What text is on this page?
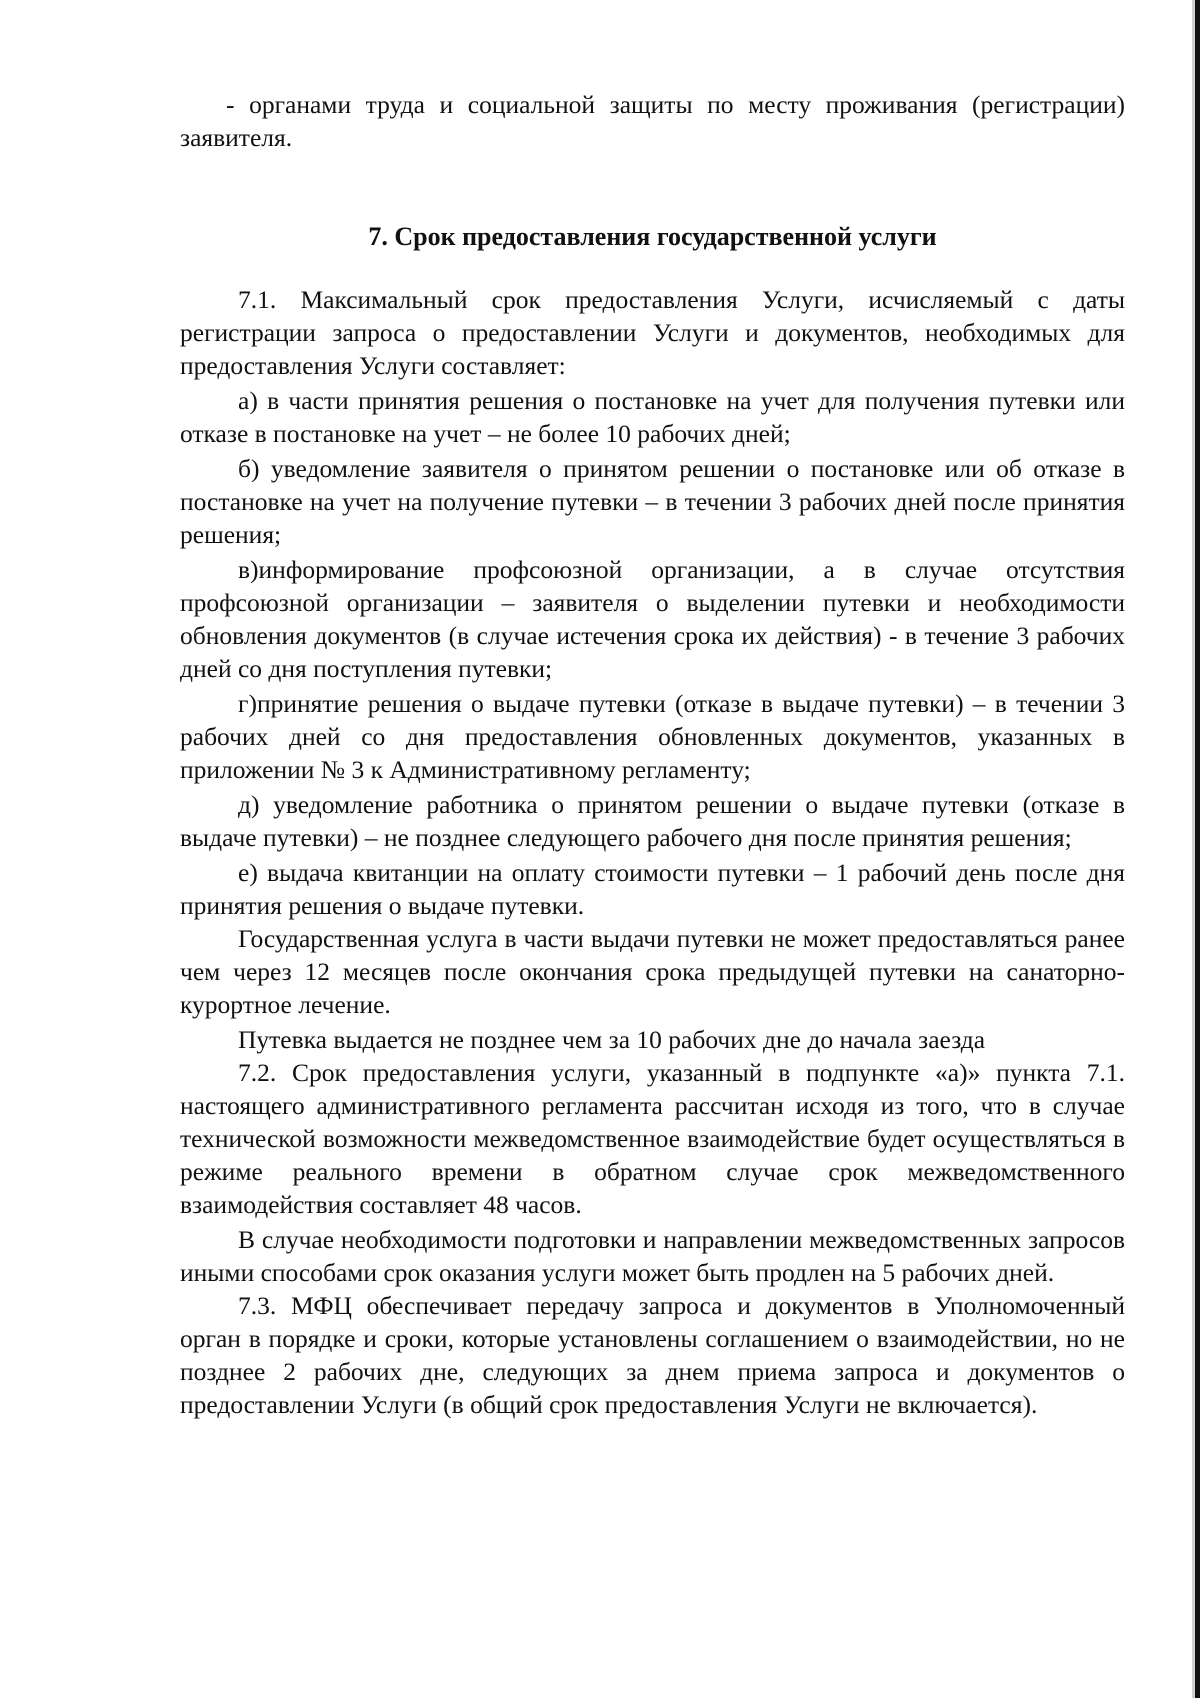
- органами труда и социальной защиты по месту проживания (регистрации) заявителя.

7. Срок предоставления государственной услуги

7.1. Максимальный срок предоставления Услуги, исчисляемый с даты регистрации запроса о предоставлении Услуги и документов, необходимых для предоставления Услуги составляет:

а) в части принятия решения о постановке на учет для получения путевки или отказе в постановке на учет – не более 10 рабочих дней;

б) уведомление заявителя о принятом решении о постановке или об отказе в постановке на учет на получение путевки – в течении 3 рабочих дней после принятия решения;

в)информирование профсоюзной организации, а в случае отсутствия профсоюзной организации – заявителя о выделении путевки и необходимости обновления документов (в случае истечения срока их действия) - в течение 3 рабочих дней со дня поступления путевки;

г)принятие решения о выдаче путевки (отказе в выдаче путевки) – в течении 3 рабочих дней со дня предоставления обновленных документов, указанных в приложении № 3 к Административному регламенту;

д) уведомление работника о принятом решении о выдаче путевки (отказе в выдаче путевки) – не позднее следующего рабочего дня после принятия решения;

е) выдача квитанции на оплату стоимости путевки – 1 рабочий день после дня принятия решения о выдаче путевки.

Государственная услуга в части выдачи путевки не может предоставляться ранее чем через 12 месяцев после окончания срока предыдущей путевки на санаторно-курортное лечение.

Путевка выдается не позднее чем за 10 рабочих дне до начала заезда

7.2. Срок предоставления услуги, указанный в подпункте «а)» пункта 7.1. настоящего административного регламента рассчитан исходя из того, что в случае технической возможности межведомственное взаимодействие будет осуществляться в режиме реального времени в обратном случае срок межведомственного взаимодействия составляет 48 часов.

В случае необходимости подготовки и направлении межведомственных запросов иными способами срок оказания услуги может быть продлен на 5 рабочих дней.

7.3. МФЦ обеспечивает передачу запроса и документов в Уполномоченный орган в порядке и сроки, которые установлены соглашением о взаимодействии, но не позднее 2 рабочих дне, следующих за днем приема запроса и документов о предоставлении Услуги (в общий срок предоставления Услуги не включается).
